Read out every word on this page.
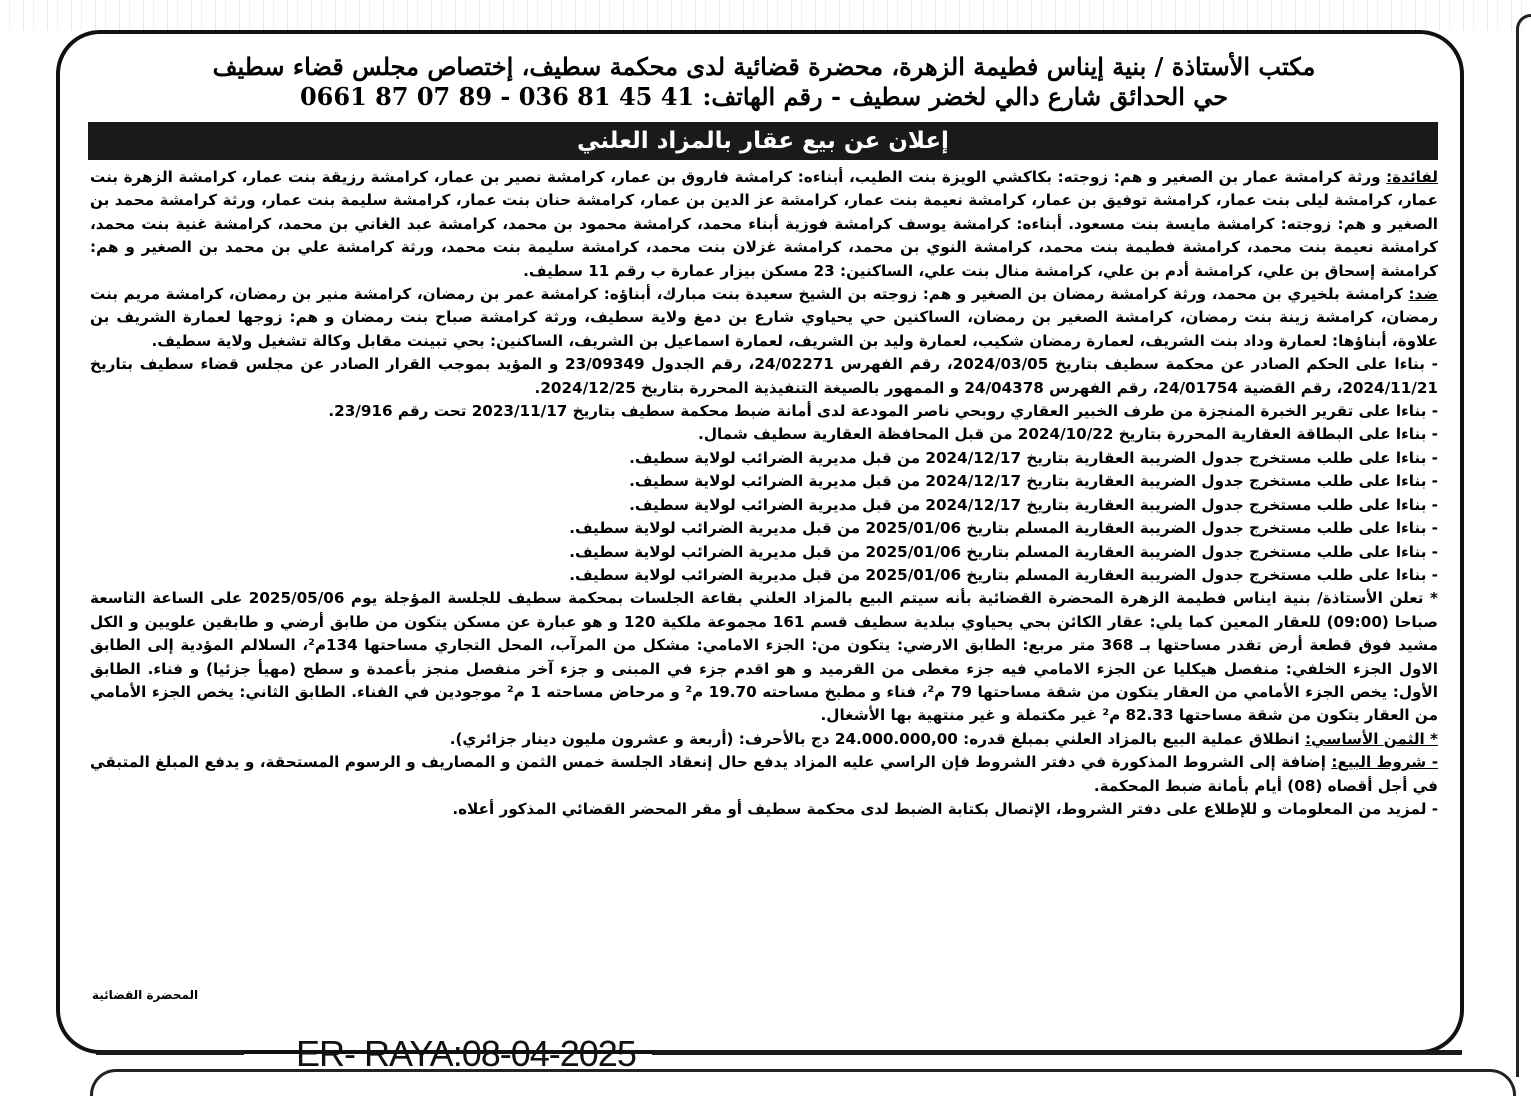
مكتب الأستاذة / بنية إيناس فطيمة الزهرة، محضرة قضائية لدى محكمة سطيف، إختصاص مجلس قضاء سطيف
حي الحدائق شارع دالي لخضر سطيف - رقم الهاتف: 41 45 81 036 - 89 07 87 0661
إعلان عن بيع عقار بالمزاد العلني

لفائدة: ورثة كرامشة عمار بن الصغير و هم: زوجته: بكاكشي الويزة بنت الطيب، أبناءه: كرامشة فاروق بن عمار، كرامشة نصير بن عمار، كرامشة رزيقة بنت عمار، كرامشة الزهرة بنت عمار، كرامشة ليلى بنت عمار، كرامشة توفيق بن عمار، كرامشة نعيمة بنت عمار، كرامشة عز الدين بن عمار، كرامشة حنان بنت عمار، كرامشة سليمة بنت عمار، ورثة كرامشة محمد بن الصغير و هم: زوجته: كرامشة مايسة بنت مسعود. أبناءه: كرامشة يوسف كرامشة فوزية أبناء محمد، كرامشة محمود بن محمد، كرامشة عبد الغاني بن محمد، كرامشة غنية بنت محمد، كرامشة نعيمة بنت محمد، كرامشة فطيمة بنت محمد، كرامشة النوي بن محمد، كرامشة غزلان بنت محمد، كرامشة سليمة بنت محمد، ورثة كرامشة علي بن محمد بن الصغير و هم: كرامشة إسحاق بن علي، كرامشة أدم بن علي، كرامشة منال بنت علي، الساكنين: 23 مسكن بيزار عمارة ب رقم 11 سطيف.

ضد: كرامشة بلخيري بن محمد، ورثة كرامشة رمضان بن الصغير و هم: زوجته بن الشيخ سعيدة بنت مبارك، أبناؤه: كرامشة عمر بن رمضان، كرامشة منير بن رمضان، كرامشة مريم بنت رمضان، كرامشة زينة بنت رمضان، كرامشة الصغير بن رمضان، الساكنين حي يحياوي شارع بن دمغ ولاية سطيف، ورثة كرامشة صباح بنت رمضان و هم: زوجها لعمارة الشريف بن علاوة، أبناؤها: لعمارة وداد بنت الشريف، لعمارة رمضان شكيب، لعمارة وليد بن الشريف، لعمارة اسماعيل بن الشريف، الساكنين: بحي تبينت مقابل وكالة تشغيل ولاية سطيف.

- بناءا على الحكم الصادر عن محكمة سطيف بتاريخ 2024/03/05، رقم الفهرس 24/02271، رقم الجدول 23/09349 و المؤيد بموجب القرار الصادر عن مجلس قضاء سطيف بتاريخ 2024/11/21، رقم القضية 24/01754، رقم الفهرس 24/04378 و الممهور بالصيغة التنفيذية المحررة بتاريخ 2024/12/25.

- بناءا على تقرير الخبرة المنجزة من طرف الخبير العقاري روبحي ناصر المودعة لدى أمانة ضبط محكمة سطيف بتاريخ 2023/11/17 تحت رقم 23/916.

- بناءا على البطاقة العقارية المحررة بتاريخ 2024/10/22 من قبل المحافظة العقارية سطيف شمال.

- بناءا على طلب مستخرج جدول الضريبة العقارية بتاريخ 2024/12/17 من قبل مديرية الضرائب لولاية سطيف.

- بناءا على طلب مستخرج جدول الضريبة العقارية بتاريخ 2024/12/17 من قبل مديرية الضرائب لولاية سطيف.

- بناءا على طلب مستخرج جدول الضريبة العقارية بتاريخ 2024/12/17 من قبل مديرية الضرائب لولاية سطيف.

- بناءا على طلب مستخرج جدول الضريبة العقارية المسلم بتاريخ 2025/01/06 من قبل مديرية الضرائب لولاية سطيف.

- بناءا على طلب مستخرج جدول الضريبة العقارية المسلم بتاريخ 2025/01/06 من قبل مديرية الضرائب لولاية سطيف.

- بناءا على طلب مستخرج جدول الضريبة العقارية المسلم بتاريخ 2025/01/06 من قبل مديرية الضرائب لولاية سطيف.

* تعلن الأستاذة/ بنية ايناس فطيمة الزهرة المحضرة القضائية بأنه سيتم البيع بالمزاد العلني بقاعة الجلسات بمحكمة سطيف للجلسة المؤجلة يوم 2025/05/06 على الساعة التاسعة صباحا (09:00) للعقار المعين كما يلي: عقار الكائن بحي يحياوي ببلدية سطيف قسم 161 مجموعة ملكية 120 و هو عبارة عن مسكن يتكون من طابق أرضي و طابقين علويين و الكل مشيد فوق قطعة أرض تقدر مساحتها بـ 368 متر مربع: الطابق الارضي: يتكون من: الجزء الامامي: مشكل من المرآب، المحل التجاري مساحتها 134م²، السلالم المؤدية إلى الطابق الاول الجزء الخلفي: منفصل هيكليا عن الجزء الامامي فيه جزء مغطى من القرميد و هو اقدم جزء في المبنى و جزء آخر منفصل منجز بأعمدة و سطح (مهيأ جزئيا) و فناء. الطابق الأول: يخص الجزء الأمامي من العقار يتكون من شقة مساحتها 79 م²، فناء و مطبخ مساحته 19.70 م² و مرحاض مساحته 1 م² موجودين في الفناء. الطابق الثاني: يخص الجزء الأمامي من العقار يتكون من شقة مساحتها 82.33 م² غير مكتملة و غير منتهية بها الأشغال.

* الثمن الأساسي: انطلاق عملية البيع بالمزاد العلني بمبلغ قدره: 24.000.000,00 دج بالأحرف: (أربعة و عشرون مليون دينار جزائري).

- شروط البيع: إضافة إلى الشروط المذكورة في دفتر الشروط فإن الراسي عليه المزاد يدفع حال إنعقاد الجلسة خمس الثمن و المصاريف و الرسوم المستحقة، و يدفع المبلغ المتبقي في أجل أقصاه (08) أيام بأمانة ضبط المحكمة.

- لمزيد من المعلومات و للإطلاع على دفتر الشروط، الإتصال بكتابة الضبط لدى محكمة سطيف أو مقر المحضر القضائي المذكور أعلاه.

المحضرة القضائية
ER- RAYA:08-04-2025
